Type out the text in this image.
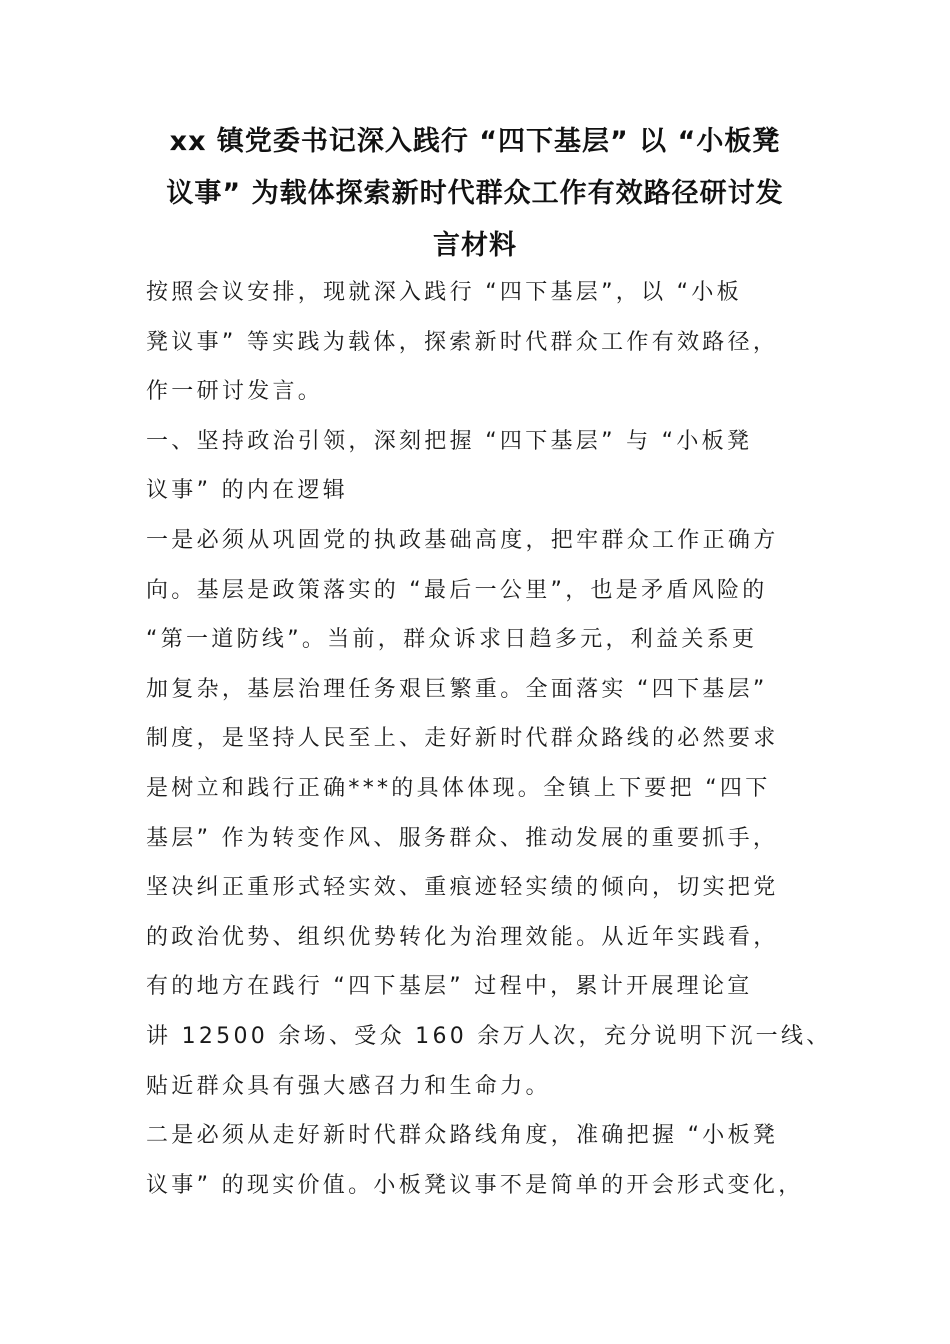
xx 镇党委书记深入践行 “四下基层” 以 “小板凳
议事” 为载体探索新时代群众工作有效路径研讨发
言材料
按照会议安排，现就深入践行 “四下基层”，以 “小板
凳议事” 等实践为载体，探索新时代群众工作有效路径，
作一研讨发言。
一、坚持政治引领，深刻把握 “四下基层” 与 “小板凳
议事” 的内在逻辑
一是必须从巩固党的执政基础高度，把牢群众工作正确方
向。基层是政策落实的 “最后一公里”，也是矛盾风险的
“第一道防线”。当前，群众诉求日趋多元，利益关系更
加复杂，基层治理任务艰巨繁重。全面落实 “四下基层”
制度，是坚持人民至上、走好新时代群众路线的必然要求
是树立和践行正确***的具体体现。全镇上下要把 “四下
基层” 作为转变作风、服务群众、推动发展的重要抓手，
坚决纠正重形式轻实效、重痕迹轻实绩的倾向，切实把党
的政治优势、组织优势转化为治理效能。从近年实践看，
有的地方在践行 “四下基层” 过程中，累计开展理论宣
讲 12500 余场、受众 160 余万人次，充分说明下沉一线、
贴近群众具有强大感召力和生命力。
二是必须从走好新时代群众路线角度，准确把握 “小板凳
议事” 的现实价值。小板凳议事不是简单的开会形式变化，
